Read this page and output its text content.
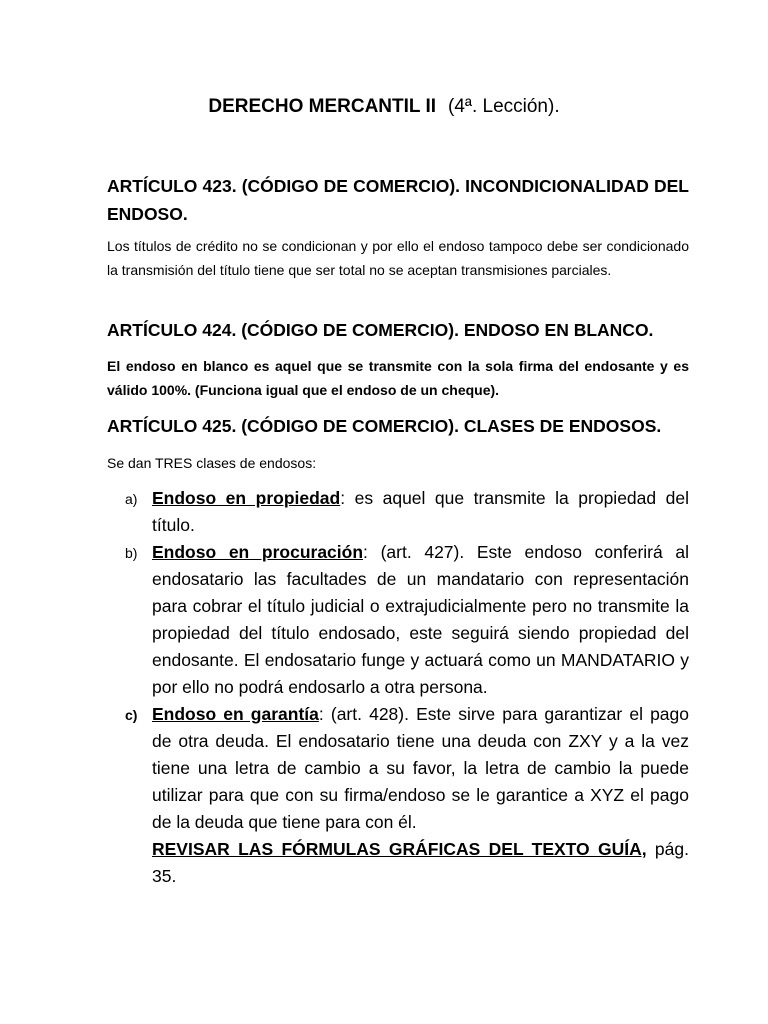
DERECHO MERCANTIL II (4ª. Lección).
ARTÍCULO 423. (CÓDIGO DE COMERCIO). INCONDICIONALIDAD DEL ENDOSO.
Los títulos de crédito no se condicionan y por ello el endoso tampoco debe ser condicionado la transmisión del título tiene que ser total no se aceptan transmisiones parciales.
ARTÍCULO 424. (CÓDIGO DE COMERCIO). ENDOSO EN BLANCO.
El endoso en blanco es aquel que se transmite con la sola firma del endosante y es válido 100%. (Funciona igual que el endoso de un cheque).
ARTÍCULO 425. (CÓDIGO DE COMERCIO). CLASES DE ENDOSOS.
Se dan TRES clases de endosos:
a) Endoso en propiedad: es aquel que transmite la propiedad del título.
b) Endoso en procuración: (art. 427). Este endoso conferirá al endosatario las facultades de un mandatario con representación para cobrar el título judicial o extrajudicialmente pero no transmite la propiedad del título endosado, este seguirá siendo propiedad del endosante. El endosatario funge y actuará como un MANDATARIO y por ello no podrá endosarlo a otra persona.
c) Endoso en garantía: (art. 428). Este sirve para garantizar el pago de otra deuda. El endosatario tiene una deuda con ZXY y a la vez tiene una letra de cambio a su favor, la letra de cambio la puede utilizar para que con su firma/endoso se le garantice a XYZ el pago de la deuda que tiene para con él.
REVISAR LAS FÓRMULAS GRÁFICAS DEL TEXTO GUÍA, pág. 35.
